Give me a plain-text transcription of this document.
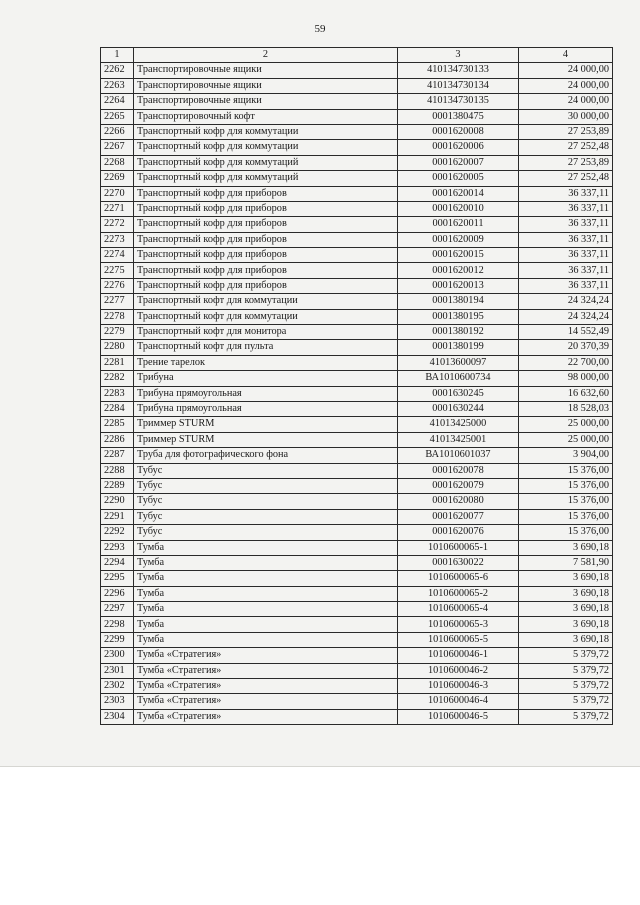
59
1	2	3	4
2262	Транспортировочные ящики	410134730133	24 000,00
2263	Транспортировочные ящики	410134730134	24 000,00
2264	Транспортировочные ящики	410134730135	24 000,00
2265	Транспортировочный кофт	0001380475	30 000,00
2266	Транспортный кофр для коммутации	0001620008	27 253,89
2267	Транспортный кофр для коммутации	0001620006	27 252,48
2268	Транспортный кофр для коммутаций	0001620007	27 253,89
2269	Транспортный кофр для коммутаций	0001620005	27 252,48
2270	Транспортный кофр для приборов	0001620014	36 337,11
2271	Транспортный кофр для приборов	0001620010	36 337,11
2272	Транспортный кофр для приборов	0001620011	36 337,11
2273	Транспортный кофр для приборов	0001620009	36 337,11
2274	Транспортный кофр для приборов	0001620015	36 337,11
2275	Транспортный кофр для приборов	0001620012	36 337,11
2276	Транспортный кофр для приборов	0001620013	36 337,11
2277	Транспортный кофт для коммутации	0001380194	24 324,24
2278	Транспортный кофт для коммутации	0001380195	24 324,24
2279	Транспортный кофт для монитора	0001380192	14 552,49
2280	Транспортный кофт для пульта	0001380199	20 370,39
2281	Трение тарелок	41013600097	22 700,00
2282	Трибуна	ВА1010600734	98 000,00
2283	Трибуна прямоугольная	0001630245	16 632,60
2284	Трибуна прямоугольная	0001630244	18 528,03
2285	Триммер STURM	41013425000	25 000,00
2286	Триммер STURM	41013425001	25 000,00
2287	Труба для фотографического фона	ВА1010601037	3 904,00
2288	Тубус	0001620078	15 376,00
2289	Тубус	0001620079	15 376,00
2290	Тубус	0001620080	15 376,00
2291	Тубус	0001620077	15 376,00
2292	Тубус	0001620076	15 376,00
2293	Тумба	1010600065-1	3 690,18
2294	Тумба	0001630022	7 581,90
2295	Тумба	1010600065-6	3 690,18
2296	Тумба	1010600065-2	3 690,18
2297	Тумба	1010600065-4	3 690,18
2298	Тумба	1010600065-3	3 690,18
2299	Тумба	1010600065-5	3 690,18
2300	Тумба «Стратегия»	1010600046-1	5 379,72
2301	Тумба «Стратегия»	1010600046-2	5 379,72
2302	Тумба «Стратегия»	1010600046-3	5 379,72
2303	Тумба «Стратегия»	1010600046-4	5 379,72
2304	Тумба «Стратегия»	1010600046-5	5 379,72
